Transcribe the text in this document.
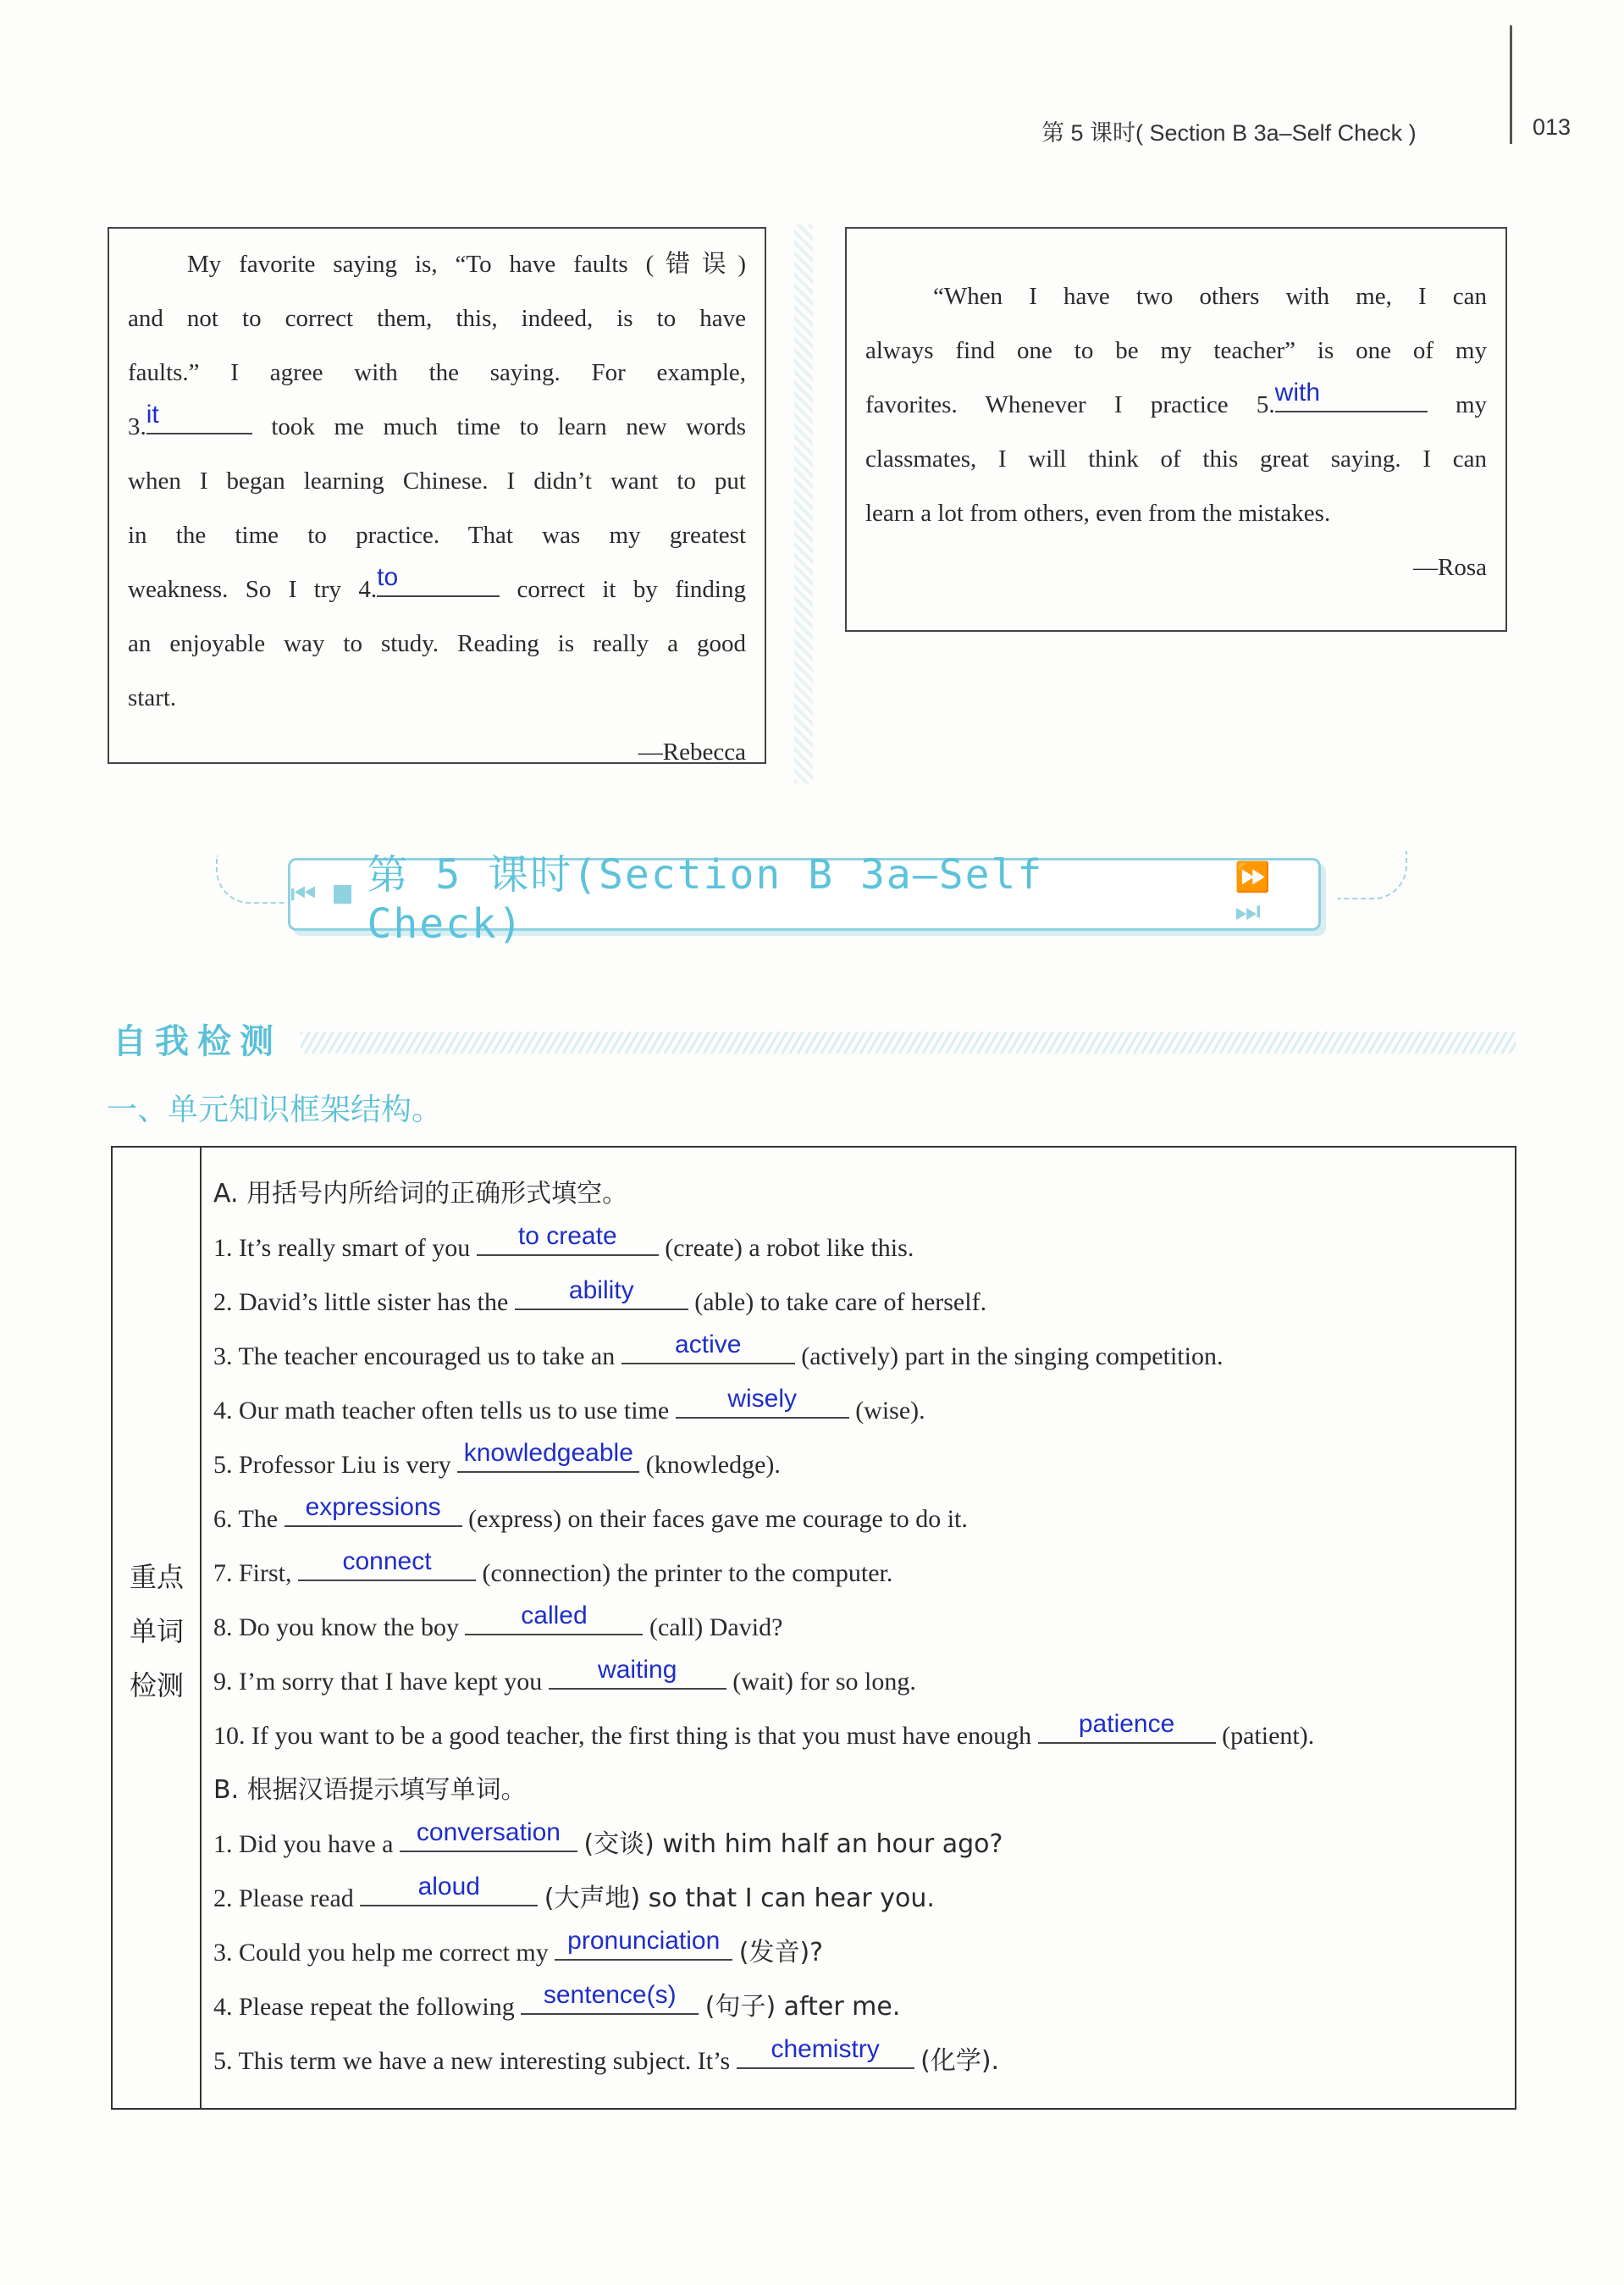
第 5 课时( Section B 3a–Self Check )	013

My favorite saying is, “To have faults (错误)

and not to correct them, this, indeed, is to have

faults.” I agree with the saying. For example,

3. it	took me much time to learn new words

when I began learning Chinese. I didn’t want to put

in the time to practice. That was my greatest

weakness. So I try 4. to	correct it by finding

an enjoyable way to study. Reading is really a good

start.

—Rebecca

“When I have two others with me, I can

always find one to be my teacher” is one of my

favorites. Whenever I practice 5. with	my

classmates, I will think of this great saying. I can

learn a lot from others, even from the mistakes.

—Rosa

⏮ 第 5 课时(Section B 3a–Self Check)
⏩ ⏭
自我检测
一、单元知识框架结构。
重点
单词
检测
A. 用括号内所给词的正确形式填空。
1. It’s really smart of you	to create	(create) a robot like this.
2. David’s little sister has the	ability	(able) to take care of herself.
3. The teacher encouraged us to take an	active	(actively) part in the singing competition.
4. Our math teacher often tells us to use time	wisely	(wise).
5. Professor Liu is very knowledgeable (knowledge).
6. The	expressions	(express) on their faces gave me courage to do it.
7. First,	connect	(connection) the printer to the computer.
8. Do you know the boy	called	(call) David?
9. I’m sorry that I have kept you	waiting	(wait) for so long.
10. If you want to be a good teacher, the first thing is that you must have enough	patience	(patient).
B. 根据汉语提示填写单词。
1. Did you have a conversation (交谈) with him half an hour ago?
2. Please read	aloud	(大声地) so that I can hear you.
3. Could you help me correct my pronunciation (发音)?
4. Please repeat the following	sentence(s)	(句子) after me.
5. This term we have a new interesting subject. It’s	chemistry	(化学).
